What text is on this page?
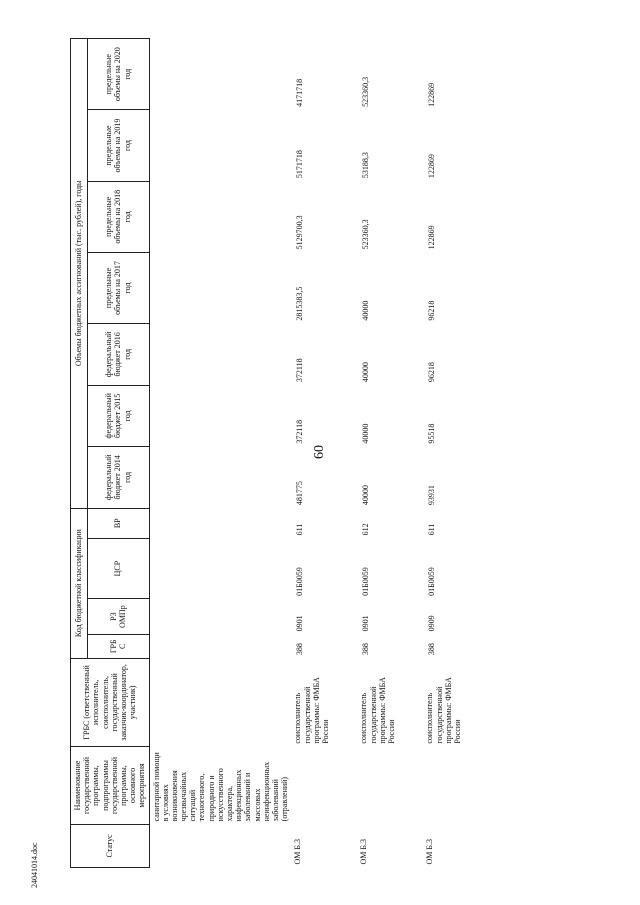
60
24041014.doc	Статус	Наименование государственной программы, подпрограммы государственной программы, основного мероприятия	ГРБС (ответственный исполнитель, соисполнитель, государственный заказчик-координатор, участник)	Код бюджетной классификации				Объемы бюджетных ассигнований (тыс. рублей), годы						
			ГРБС	РЗ ОМПр	ЦСР	ВР	федеральный бюджет 2014 год	федеральный бюджет 2015 год	федеральный бюджет 2016 год	предельные объемы на 2017 год	предельные объемы на 2018 год	предельные объемы на 2019 год	предельные объемы на 2020 год
	санитарной помощи в условиях возникновения чрезвычайных ситуаций техногенного, природного и искусственного характера, инфекционных заболеваний и массовых неинфекционных заболеваний (отравлений)												
ОМ Б.3		соисполнитель государственной программы: ФМБА России	388	0901	01Б0059	611	481775	372118	372118	2815383,5	5129700,3	5171718	4171718
ОМ Б.3		соисполнитель государственной программы: ФМБА России	388	0901	01Б0059	612	40000	40000	40000	40000	523360,3	53188,3	523360,3
ОМ Б.3		соисполнитель государственной программы: ФМБА России	388	0909	01Б0059	611	93931	95518	96218	96218	122869	122869	122869
